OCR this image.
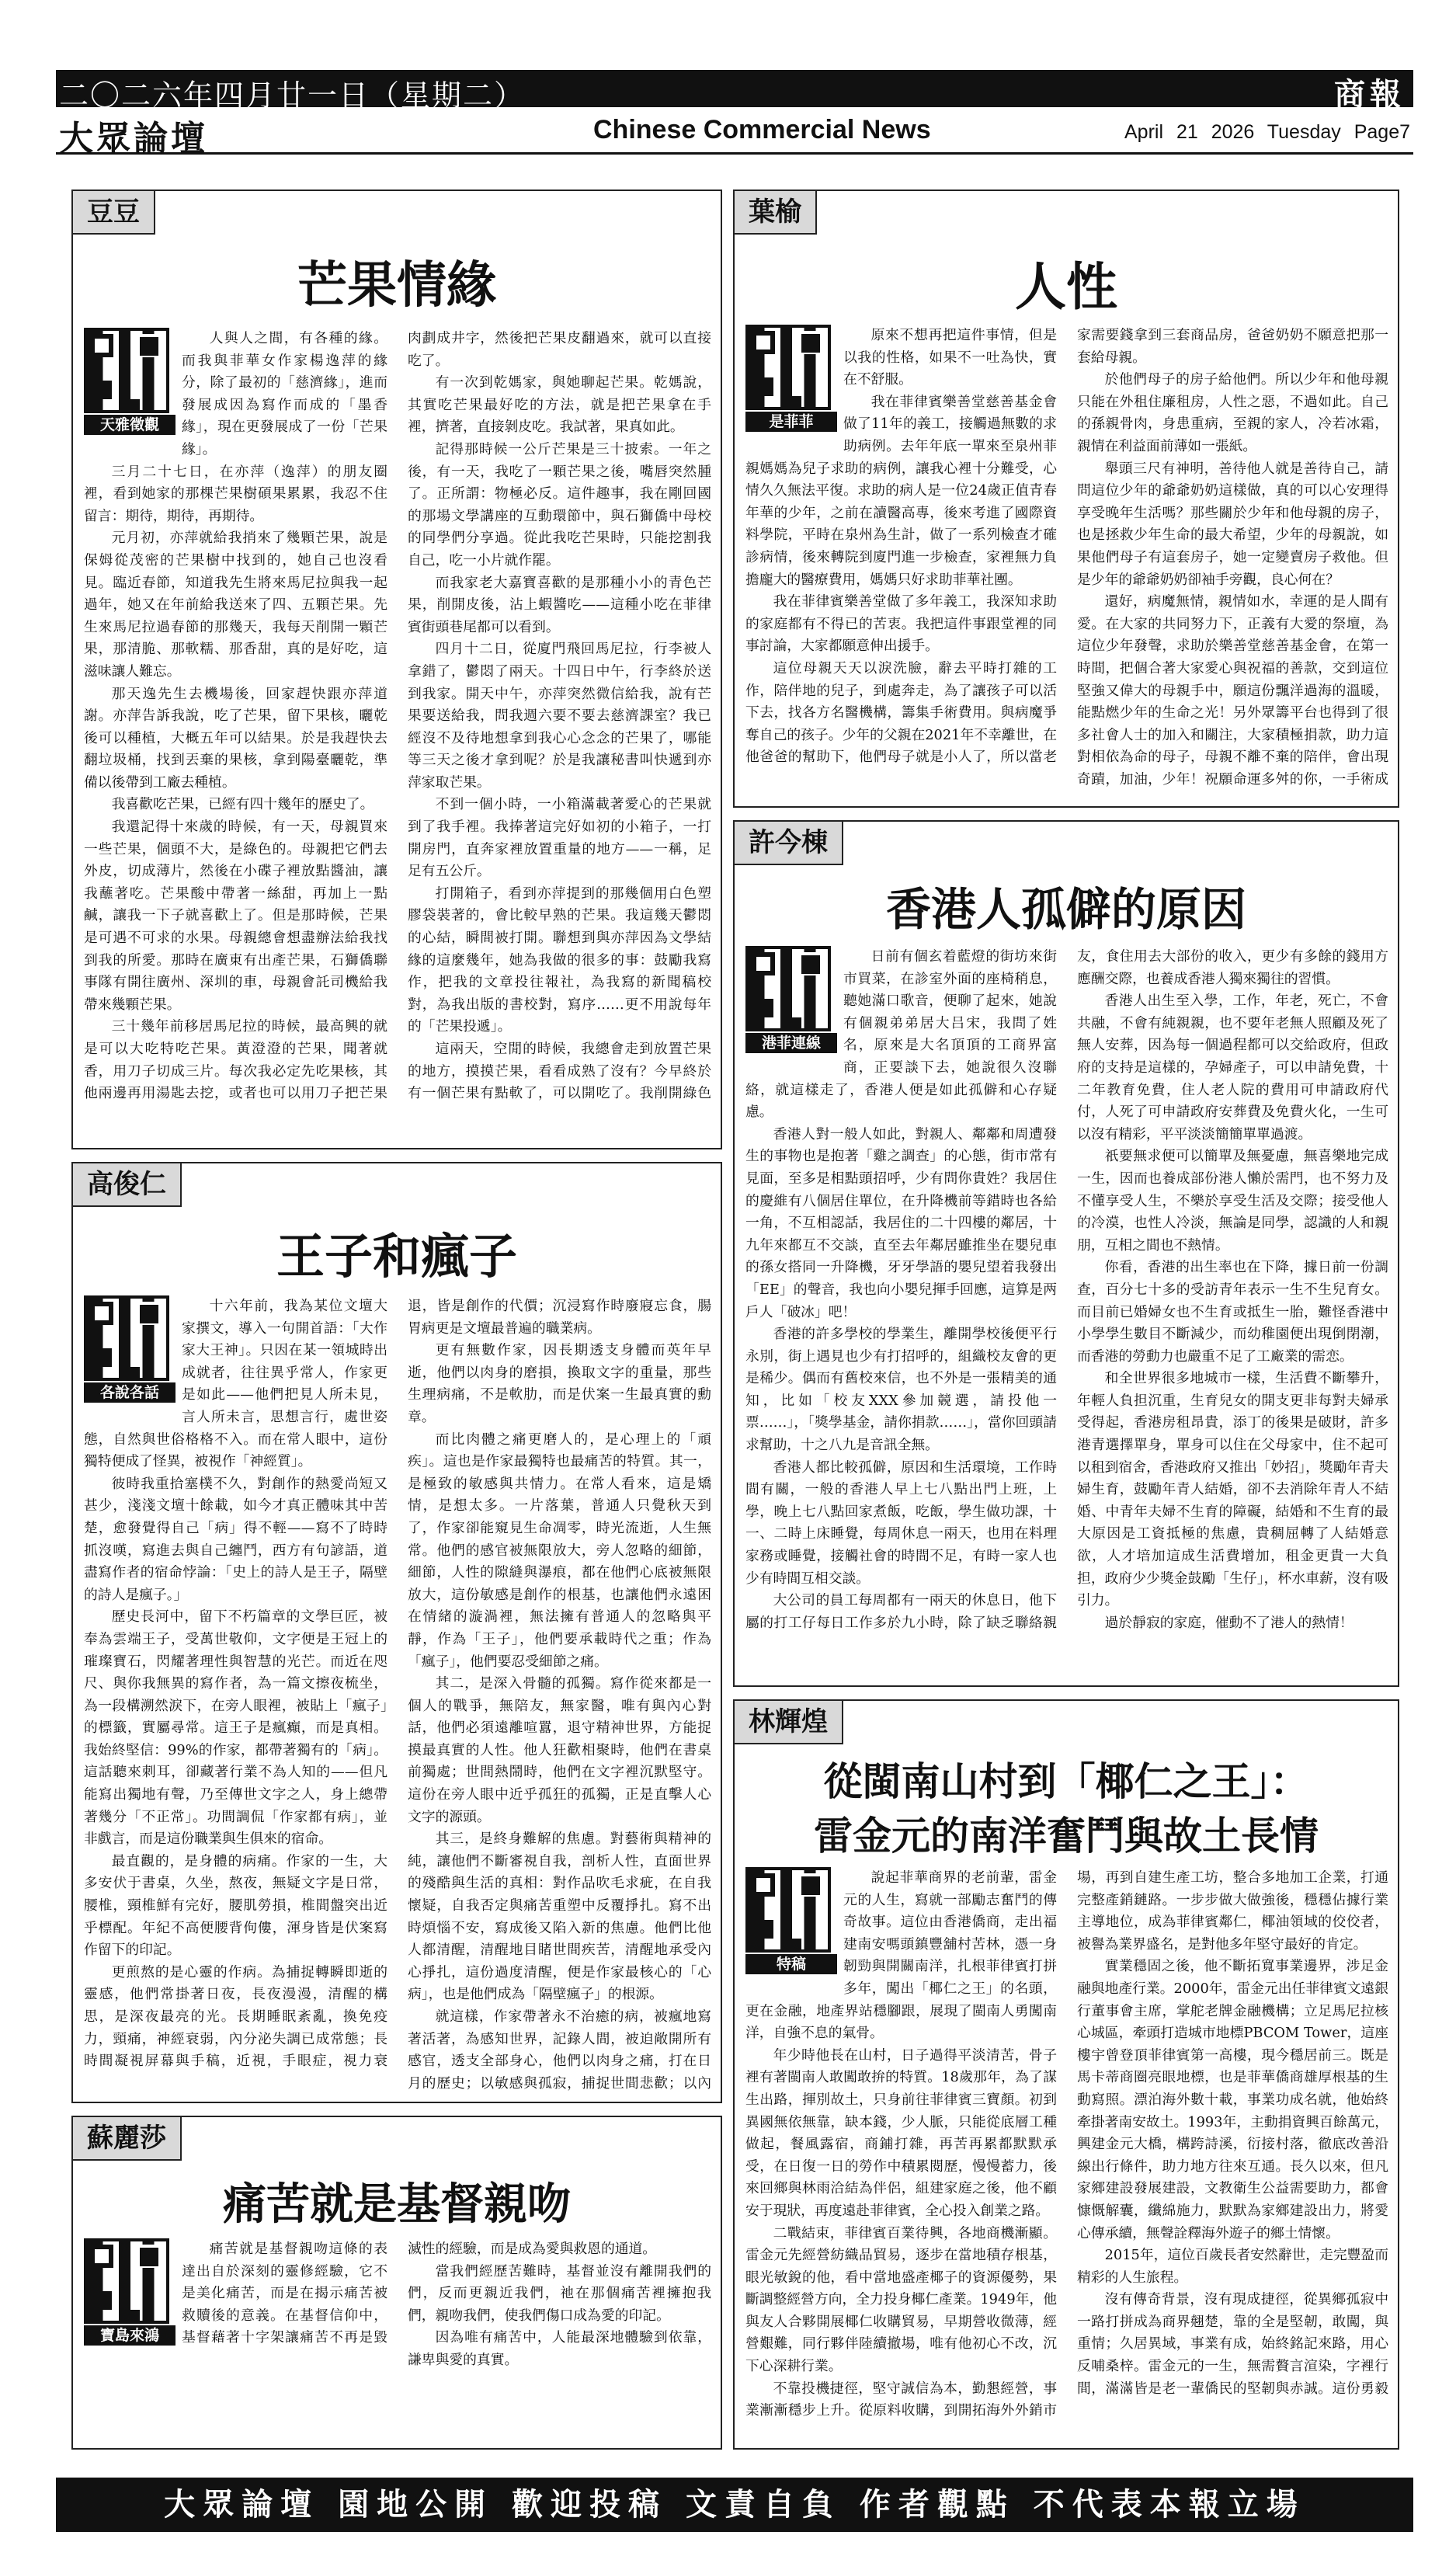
二〇二六年四月廿一日（星期二）	商報
大眾論壇	Chinese Commercial News	April 21 2026 Tuesday Page7
豆豆
芒果情緣
天雅徵觀

人與人之間，有各種的緣。而我與菲華女作家楊逸萍的緣分，除了最初的「慈濟緣」，進而發展成因為寫作而成的「墨香緣」，現在更發展成了一份「芒果緣」。

三月二十七日，在亦萍（逸萍）的朋友圈裡，看到她家的那棵芒果樹碩果累累，我忍不住留言：期待，期待，再期待。

元月初，亦萍就給我捎來了幾顆芒果，說是保姆從茂密的芒果樹中找到的，她自己也沒看見。臨近春節，知道我先生將來馬尼拉與我一起過年，她又在年前給我送來了四、五顆芒果。先生來馬尼拉過春節的那幾天，我每天削開一顆芒果，那清脆、那軟糯、那香甜，真的是好吃，這滋味讓人難忘。

那天逸先生去機場後，回家趕快跟亦萍道謝。亦萍告訴我說，吃了芒果，留下果核，曬乾後可以種植，大概五年可以結果。於是我趕快去翻垃圾桶，找到丟棄的果核，拿到陽臺曬乾，準備以後帶到工廠去種植。

我喜歡吃芒果，已經有四十幾年的歷史了。

我還記得十來歲的時候，有一天，母親買來一些芒果，個頭不大，是綠色的。母親把它們去外皮，切成薄片，然後在小碟子裡放點醬油，讓我蘸著吃。芒果酸中帶著一絲甜，再加上一點鹹，讓我一下子就喜歡上了。但是那時候，芒果是可遇不可求的水果。母親總會想盡辦法給我找到我的所愛。那時在廣東有出產芒果，石獅僑聯事隊有開往廣州、深圳的車，母親會託司機給我帶來幾顆芒果。

三十幾年前移居馬尼拉的時候，最高興的就是可以大吃特吃芒果。黃澄澄的芒果，聞著就香，用刀子切成三片。每次我必定先吃果核，其他兩邊再用湯匙去挖，或者也可以用刀子把芒果肉劃成井字，然後把芒果皮翻過來，就可以直接吃了。

有一次到乾媽家，與她聊起芒果。乾媽說，其實吃芒果最好吃的方法，就是把芒果拿在手裡，擠著，直接剝皮吃。我試著，果真如此。

記得那時候一公斤芒果是三十披索。一年之後，有一天，我吃了一顆芒果之後，嘴唇突然腫了。正所謂：物極必反。這件趣事，我在剛回國的那場文學講座的互動環節中，與石獅僑中母校的同學們分享過。從此我吃芒果時，只能挖割我自己，吃一小片就作罷。

而我家老大嘉寶喜歡的是那種小小的青色芒果，削開皮後，沾上蝦醬吃——這種小吃在菲律賓街頭巷尾都可以看到。

四月十二日，從廈門飛回馬尼拉，行李被人拿錯了，鬱悶了兩天。十四日中午，行李終於送到我家。開天中午，亦萍突然微信給我，說有芒果要送給我，問我週六要不要去慈濟課室？我已經沒不及待地想拿到我心心念念的芒果了，哪能等三天之後才拿到呢？於是我讓秘書叫快遞到亦萍家取芒果。

不到一個小時，一小箱滿載著愛心的芒果就到了我手裡。我捧著這完好如初的小箱子，一打開房門，直奔家裡放置重量的地方——一稱，足足有五公斤。

打開箱子，看到亦萍提到的那幾個用白色塑膠袋裝著的，會比較早熟的芒果。我這幾天鬱悶的心結，瞬間被打開。聯想到與亦萍因為文學結緣的這麼幾年，她為我做的很多的事：鼓勵我寫作，把我的文章投往報社，為我寫的新聞稿校對，為我出版的書校對，寫序……更不用說每年的「芒果投遞」。

這兩天，空閒的時候，我總會走到放置芒果的地方，摸摸芒果，看看成熟了沒有？今早終於有一個芒果有點軟了，可以開吃了。我削開綠色

葉榆
人性
是菲菲

原來不想再把這件事情，但是以我的性格，如果不一吐為快，實在不舒服。

我在菲律賓樂善堂慈善基金會做了11年的義工，接觸過無數的求助病例。去年年底一單來至泉州菲親媽媽為兒子求助的病例，讓我心裡十分難受，心情久久無法平復。求助的病人是一位24歲正值青春年華的少年，之前在讀醫高專，後來考進了國際資料學院，平時在泉州為生計，做了一系列檢查才確診病情，後來轉院到廈門進一步檢查，家裡無力負擔龐大的醫療費用，媽媽只好求助菲華社團。

我在菲律賓樂善堂做了多年義工，我深知求助的家庭都有不得已的苦衷。我把這件事跟堂裡的同事討論，大家都願意伸出援手。

這位母親天天以淚洗臉，辭去平時打雜的工作，陪伴地的兒子，到處奔走，為了讓孩子可以活下去，找各方名醫機構，籌集手術費用。與病魔爭奪自己的孩子。少年的父親在2021年不幸離世，在他爸爸的幫助下，他們母子就是小人了，所以當老家需要錢拿到三套商品房，爸爸奶奶不願意把那一套給母親。

於他們母子的房子給他們。所以少年和他母親只能在外租住廉租房，人性之惡，不過如此。自己的孫親骨肉，身患重病，至親的家人，冷若冰霜，親情在利益面前薄如一張紙。

舉頭三尺有神明，善待他人就是善待自己，請問這位少年的爺爺奶奶這樣做，真的可以心安理得享受晚年生活嗎？那些關於少年和他母親的房子，也是拯救少年生命的最大希望，少年的母親說，如果他們母子有這套房子，她一定變賣房子救他。但是少年的爺爺奶奶卻袖手旁觀，良心何在？

還好，病魔無情，親情如水，幸運的是人間有愛。在大家的共同努力下，正義有大愛的祭壇，為這位少年發聲，求助於樂善堂慈善基金會，在第一時間，把個合著大家愛心與祝福的善款，交到這位堅強又偉大的母親手中，願這份飄洋過海的溫暖，能點燃少年的生命之光！另外眾籌平台也得到了很多社會人士的加入和關注，大家積極捐款，助力這對相依為命的母子，母親不離不棄的陪伴，會出現奇蹟，加油，少年！祝願命運多舛的你，一手術成

許今棟
香港人孤僻的原因
港菲連線

日前有個玄着藍燈的街坊來街市買菜，在診室外面的座椅稍息，聽她滿口歌音，便聊了起來，她說有個親弟弟居大吕宋，我問了姓名，原來是大名頂頂的工商界富商，正要談下去，她說很久沒聯絡，就這樣走了，香港人便是如此孤僻和心存疑慮。

香港人對一般人如此，對親人、鄰鄰和周遭發生的事物也是抱著「雞之調查」的心態，街市常有見面，至多是相點頭招呼，少有問你貴姓？我居住的慶維有八個居住單位，在升降機前等錯時也各給一角，不互相認話，我居住的二十四樓的鄰居，十九年來都互不交談，直至去年鄰居雖推坐在嬰兒車的孫女搭同一升降機，牙牙學語的嬰兒望着我發出「EE」的聲音，我也向小嬰兒揮手回應，這算是两戶人「破冰」吧！

香港的許多學校的學業生，離開學校後便平行永別，街上遇見也少有打招呼的，組織校友會的更是稀少。偶而有舊校來信，也不外是一張精美的通知，比如「校友XXX參加競選，請投他一票……」，「獎學基金，請你捐款……」，當你回頭請求幫助，十之八九是音訊全無。

香港人都比較孤僻，原因和生活環境，工作時間有關，一般的香港人早上七八點出門上班，上學，晚上七八點回家煮飯，吃飯，學生做功課，十一、二時上床睡覺，每周休息一兩天，也用在料理家務或睡覺，接觸社會的時間不足，有時一家人也少有時間互相交談。

大公司的員工每周都有一兩天的休息日，他下屬的打工仔每日工作多於九小時，除了缺乏聯絡親友，食住用去大部份的收入，更少有多餘的錢用方應酬交際，也養成香港人獨來獨往的習慣。

香港人出生至入學，工作，年老，死亡，不會共融，不會有純親親，也不要年老無人照顧及死了無人安葬，因為每一個過程都可以交給政府，但政府的支持是這樣的，孕婦產子，可以申請免費，十二年教育免費，住人老人院的費用可申請政府代付，人死了可申請政府安葬費及免費火化，一生可以沒有精彩，平平淡淡簡簡單單過渡。

祇要無求便可以簡單及無憂慮，無喜樂地完成一生，因而也養成部份港人懶於需門，也不努力及不懂享受人生，不樂於享受生活及交際；接受他人的冷漠，也性人冷淡，無論是同學，認識的人和親朋，互相之間也不熱情。

你看，香港的出生率也在下降，據日前一份調查，百分七十多的受訪青年表示一生不生兒育女。而目前已婚婦女也不生育或抵生一胎，難怪香港中小學學生數目不斷減少，而幼稚園便出現倒閉潮，而香港的勞動力也嚴重不足了工廠業的需恋。

和全世界很多地城市一樣，生活費不斷攀升，年輕人負担沉重，生育兒女的開支更非每對夫婦承受得起，香港房租昂貴，添丁的後果是破財，許多港青選擇單身，單身可以住在父母家中，住不起可以租到宿舍，香港政府又推出「妙招」，獎勵年青夫婦生育，鼓勵年青人結婚，卻不去消除年青人不結婚、中青年夫婦不生育的障礙，結婚和不生育的最大原因是工資抵極的焦慮，貴稠屈轉了人結婚意欲，人才培加這成生活費增加，租金更貴一大負担，政府少少獎金鼓勵「生仔」，杯水車薪，沒有吸引力。

過於靜寂的家庭，催動不了港人的熱情！

高俊仁
王子和瘋子
各說各話

十六年前，我為某位文壇大家撰文，導入一句開首語：「大作家大王神」。只因在某一領城時出成就者，往往異乎常人，作家更是如此——他們把見人所未見，言人所未言，思想言行，處世姿態，自然與世俗格格不入。而在常人眼中，這份獨特便成了怪異，被視作「神經質」。

彼時我重拾塞樸不久，對創作的熱愛尚短又甚少，淺淺文壇十餘載，如今才真正體味其中苦楚，愈發覺得自己「病」得不輕——寫不了時時抓沒嘆，寫進去與自己纏鬥，西方有句諺語，道盡寫作者的宿命悖論：「史上的詩人是王子，隔壁的詩人是瘋子。」

歷史長河中，留下不朽篇章的文學巨匠，被奉為雲端王子，受萬世敬仰，文字便是王冠上的璀璨寶石，閃耀著理性與智慧的光芒。而近在咫尺、與你我無異的寫作者，為一篇文擦夜梳坐，為一段構溯然淚下，在旁人眼裡，被貼上「瘋子」的標籤，實屬尋常。這王子是瘋癲，而是真相。我始終堅信：99%的作家，都帶著獨有的「病」。這話聽來刺耳，卻藏著行業不為人知的——但凡能寫出獨地有聲，乃至傳世文字之人，身上總帶著幾分「不正常」。功間調侃「作家都有病」，並非戲言，而是這份職業與生俱來的宿命。

最直觀的，是身體的病痛。作家的一生，大多安伏于書桌，久坐，熬夜，無疑文字是日常，腰椎，頸椎鮮有完好，腰肌勞損，椎間盤突出近乎標配。年紀不高便腰背佝僂，渾身皆是伏案寫作留下的印記。

更煎熬的是心靈的作病。為捕捉轉瞬即逝的靈感，他們常掛著日夜，長夜漫漫，清醒的構思，是深夜最亮的光。長期睡眠紊亂，換免疫力，頸痛，神經衰弱，內分泌失調已成常態；長時間凝視屏幕與手稿，近視，手眼症，視力衰退，皆是創作的代價；沉浸寫作時廢寢忘食，腸胃病更是文壇最普遍的職業病。

更有無數作家，因長期透支身體而英年早逝，他們以肉身的磨損，換取文字的重量，那些生理病痛，不是軟肋，而是伏案一生最真實的勳章。

而比肉體之痛更磨人的，是心理上的「頑疾」。這也是作家最獨特也最痛苦的特質。其一，是極致的敏感與共情力。在常人看來，這是矯情，是想太多。一片落葉，普通人只覺秋天到了，作家卻能窺見生命凋零，時光流逝，人生無常。他們的感官被無限放大，旁人忽略的細節，細節，人性的隙縫與瀑痕，都在他們心底被無限放大，這份敏感是創作的根基，也讓他們永遠困在情緒的漩渦裡，無法擁有普通人的忽略與平靜，作為「王子」，他們要承載時代之重；作為「瘋子」，他們要忍受細節之痛。

其二，是深入骨髓的孤獨。寫作從來都是一個人的戰爭，無陪友，無家醫，唯有與內心對話，他們必須遠離喧囂，退守精神世界，方能捉摸最真實的人性。他人狂歡相聚時，他們在書桌前獨處；世間熱鬧時，他們在文字裡沉默堅守。這份在旁人眼中近乎孤狂的孤獨，正是直擊人心文字的源頭。

其三，是終身難解的焦慮。對藝術與精神的純，讓他們不斷審視自我，剖析人性，直面世界的殘酷與生活的真相：對作品吹毛求疵，在自我懷疑，自我否定與痛苦重塑中反覆掙扎。寫不出時煩惱不安，寫成後又陷入新的焦慮。他們比他人都清醒，清醒地目睹世間疾苦，清醒地承受內心掙扎，這份過度清醒，便是作家最核心的「心病」，也是他們成為「隔壁瘋子」的根源。

就這樣，作家帶著永不治癒的病，被瘋地寫著活著，為感知世界，記錄人間，被迫敞開所有感官，透支全部身心，他們以肉身之痛，打在日月的歷史；以敏感與孤寂，捕捉世間悲歡；以內

林輝煌
從閩南山村到「椰仁之王」：
雷金元的南洋奮鬥與故土長情
特稿

說起菲華商界的老前輩，雷金元的人生，寫就一部勵志奮鬥的傳奇故事。這位由香港僑商，走出福建南安嗎頭鎮豐舖村苦林，憑一身韌勁與開關南洋，扎根菲律賓打拼多年，闖出「椰仁之王」的名頭，更在金融，地產界站穩腳跟，展現了閩南人勇闖南洋，自強不息的氣骨。

年少時他長在山村，日子過得平淡清苦，骨子裡有著閩南人敢闖敢拚的特質。18歲那年，為了謀生出路，揮別故土，只身前往菲律賓三寶顏。初到異國無依無靠，缺本錢，少人脈，只能從底層工種做起，餐風露宿，商鋪打雜，再苦再累都默默承受，在日復一日的勞作中積累閱歷，慢慢蓄力，後來回鄉與林雨洽結為伴侶，組建家庭之後，他不顧安于現狀，再度遠赴菲律賓，全心投入創業之路。

二戰結束，菲律賓百業待興，各地商機漸顯。雷金元先經營紡織品貿易，逐步在當地積存根基，眼光敏銳的他，看中當地盛產椰子的資源優勢，果斷調整經營方向，全力投身椰仁產業。1949年，他與友人合夥開展椰仁收購貿易，早期營收微薄，經營艱難，同行夥伴陸續撤場，唯有他初心不改，沉下心深耕行業。

不靠投機捷徑，堅守誠信為本，勤懇經營，事業漸漸穩步上升。從原料收購，到開拓海外外銷市場，再到自建生產工坊，整合多地加工企業，打通完整產銷鏈路。一步步做大做強後，穩穩佔據行業主導地位，成為菲律賓鄰仁，椰油領域的佼佼者，被譽為業界盛名，是對他多年堅守最好的肯定。

實業穩固之後，他不斷拓寬事業邊界，涉足金融與地產行業。2000年，雷金元出任菲律賓文遠銀行董事會主席，掌舵老牌金融機構；立足馬尼拉核心城區，牽頭打造城市地標PBCOM Tower，這座樓宇曾登頂菲律賓第一高樓，現今穩居前三。既是馬卡蒂商圈亮眼地標，也是菲華僑商雄厚根基的生動寫照。漂泊海外數十載，事業功成名就，他始終牽掛著南安故土。1993年，主動捐資興百餘萬元，興建金元大橋，構跨詩溪，衍接村落，徹底改善沿線出行條件，助力地方往來互通。長久以來，但凡家鄉建設發展建設，文教衛生公益需要助力，都會慷慨解囊，纖綿施力，默默為家鄉建設出力，將愛心傳承續，無聲詮釋海外遊子的鄉土情懷。

2015年，這位百歲長者安然辭世，走完豐盈而精彩的人生旅程。

沒有傳奇背景，沒有現成捷徑，從異鄉孤寂中一路打拼成為商界翹楚，靠的全是堅韌，敢闖，與重情；久居異域，事業有成，始終銘記來路，用心反哺桑梓。雷金元的一生，無需贅言渲染，字裡行間，滿滿皆是老一輩僑民的堅韌與赤誠。這份勇毅

蘇麗莎
痛苦就是基督親吻
寶島來鴻

痛苦就是基督親吻這條的表達出自於深刻的靈修經驗，它不是美化痛苦，而是在揭示痛苦被救贖後的意義。在基督信仰中，基督藉著十字架讓痛苦不再是毀滅性的經驗，而是成為愛與救恩的通道。

當我們經歷苦難時，基督並沒有離開我們的們，反而更親近我們，祂在那個痛苦裡擁抱我們，親吻我們，使我們傷口成為愛的印記。

因為唯有痛苦中，人能最深地體驗到依靠，謙卑與愛的真實。

大眾論壇 園地公開 歡迎投稿 文責自負 作者觀點 不代表本報立場
